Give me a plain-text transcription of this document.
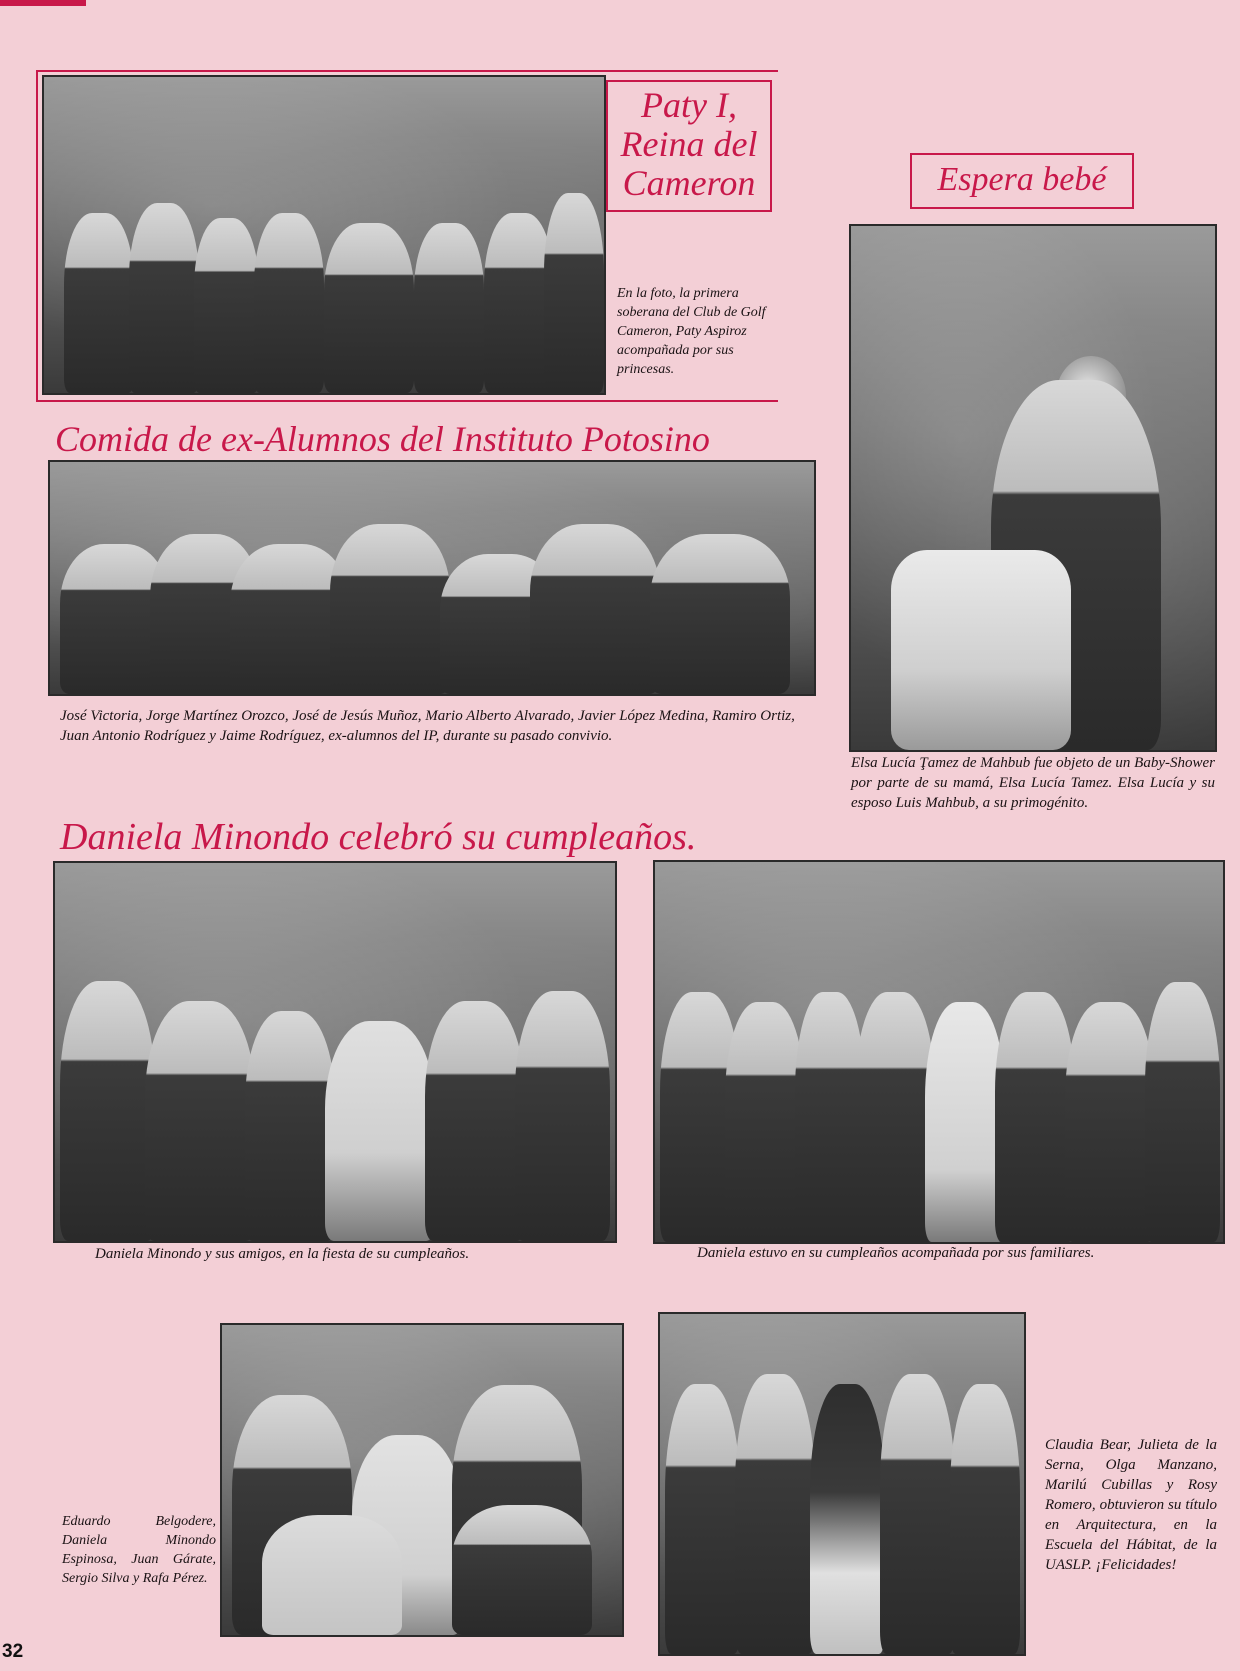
Paty I,
Reina del
Cameron
En la foto, la primera soberana del Club de Golf Cameron, Paty Aspiroz acompañada por sus princesas.
Espera bebé
Elsa Lucía Ţamez de Mahbub fue objeto de un Baby-Shower por parte de su mamá, Elsa Lucía Tamez. Elsa Lucía y su esposo Luis Mahbub, a su primogénito.
Comida de ex-Alumnos del Instituto Potosino
José Victoria, Jorge Martínez Orozco, José de Jesús Muñoz, Mario Alberto Alvarado, Javier López Medina, Ramiro Ortiz, Juan Antonio Rodríguez y Jaime Rodríguez, ex-alumnos del IP, durante su pasado convivio.
Daniela Minondo celebró su cumpleaños.
Daniela Minondo y sus amigos, en la fiesta de su cumpleaños.	Daniela estuvo en su cumpleaños acompañada por sus familiares.
Eduardo Belgodere, Daniela Minondo Espinosa, Juan Gárate, Sergio Silva y Rafa Pérez.
Claudia Bear, Julieta de la Serna, Olga Manzano, Marilú Cubillas y Rosy Romero, obtuvieron su título en Arquitectura, en la Escuela del Hábitat, de la UASLP. ¡Felicidades!
32
